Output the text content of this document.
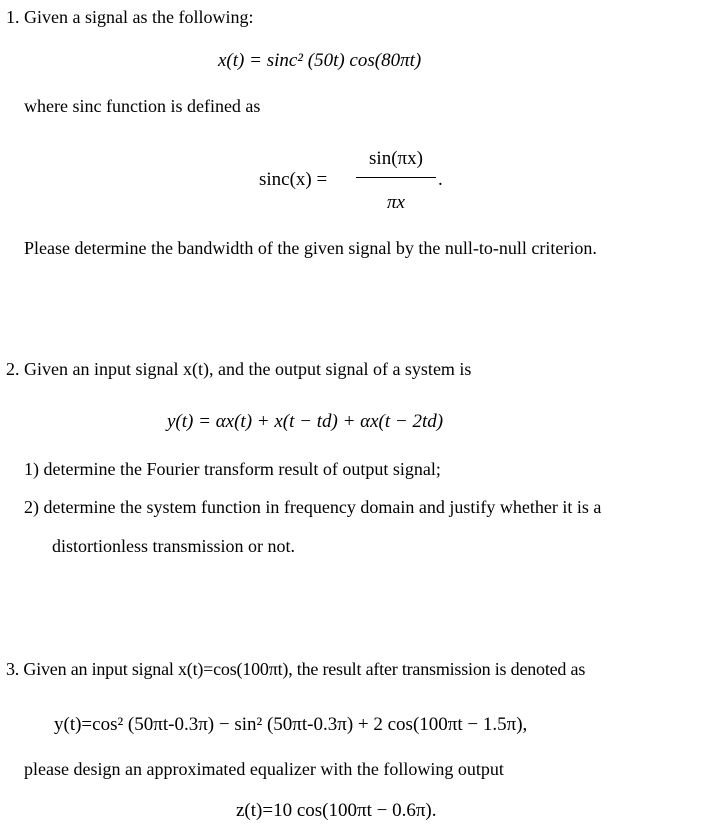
1. Given a signal as the following:
x(t) = sinc² (50t) cos(80πt)
where sinc function is defined as
sinc(x) =
sin(πx)
πx
.
Please determine the bandwidth of the given signal by the null-to-null criterion.
2. Given an input signal x(t), and the output signal of a system is
y(t) = αx(t) + x(t − td) + αx(t − 2td)
1) determine the Fourier transform result of output signal;
2) determine the system function in frequency domain and justify whether it is a
distortionless transmission or not.
3. Given an input signal x(t)=cos(100πt), the result after transmission is denoted as
y(t)=cos² (50πt-0.3π) − sin² (50πt-0.3π) + 2 cos(100πt − 1.5π),
please design an approximated equalizer with the following output
z(t)=10 cos(100πt − 0.6π).
